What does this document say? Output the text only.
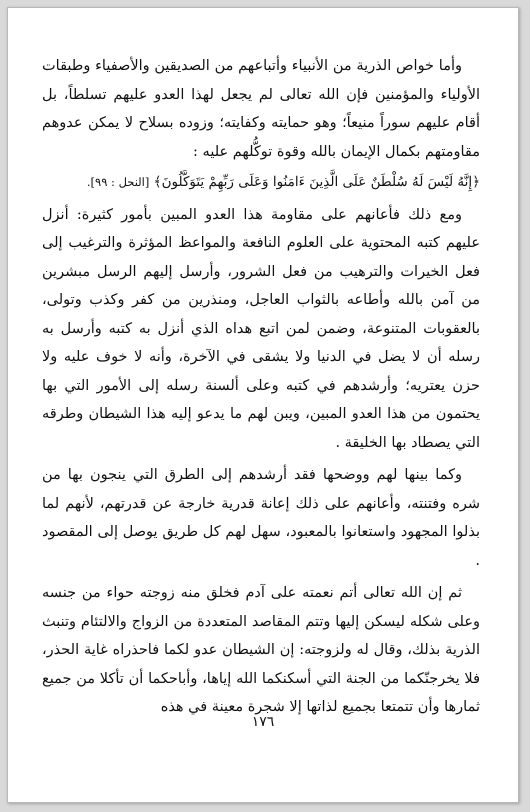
وأما خواص الذرية من الأنبياء وأتباعهم من الصديقين والأصفياء وطبقات الأولياء والمؤمنين فإن الله تعالى لم يجعل لهذا العدو عليهم تسلطاً، بل أقام عليهم سوراً منيعاً؛ وهو حمايته وكفايته؛ وزوده بسلاح لا يمكن عدوهم مقاومتهم بكمال الإيمان بالله وقوة توكُّلهم عليه :

﴿إِنَّهُ لَيْسَ لَهُ سُلْطَنٌ عَلَى الَّذِينَ ءَامَنُوا وَعَلَى رَبِّهِمْ يَتَوَكَّلُونَ﴾ [النحل : ٩٩].

ومع ذلك فأعانهم على مقاومة هذا العدو المبين بأمور كثيرة: أنزل عليهم كتبه المحتوية على العلوم النافعة والمواعظ المؤثرة والترغيب إلى فعل الخيرات والترهيب من فعل الشرور، وأرسل إليهم الرسل مبشرين من آمن بالله وأطاعه بالثواب العاجل، ومنذرين من كفر وكذب وتولى، بالعقوبات المتنوعة، وضمن لمن اتبع هداه الذي أنزل به كتبه وأرسل به رسله أن لا يضل في الدنيا ولا يشقى في الآخرة، وأنه لا خوف عليه ولا حزن يعتريه؛ وأرشدهم في كتبه وعلى ألسنة رسله إلى الأمور التي بها يحتمون من هذا العدو المبين، ويبن لهم ما يدعو إليه هذا الشيطان وطرقه التي يصطاد بها الخليقة .

وكما بينها لهم ووضحها فقد أرشدهم إلى الطرق التي ينجون بها من شره وفتنته، وأعانهم على ذلك إعانة قدرية خارجة عن قدرتهم، لأنهم لما بذلوا المجهود واستعانوا بالمعبود، سهل لهم كل طريق يوصل إلى المقصود .

ثم إن الله تعالى أتم نعمته على آدم فخلق منه زوجته حواء من جنسه وعلى شكله ليسكن إليها وتتم المقاصد المتعددة من الزواج والالتئام وتنبث الذرية بذلك، وقال له ولزوجته: إن الشيطان عدو لكما فاحذراه غاية الحذر، فلا يخرجنّكما من الجنة التي أسكنكما الله إياها، وأباحكما أن تأكلا من جميع ثمارها وأن تتمتعا بجميع لذاتها إلا شجرة معينة في هذه

١٧٦
